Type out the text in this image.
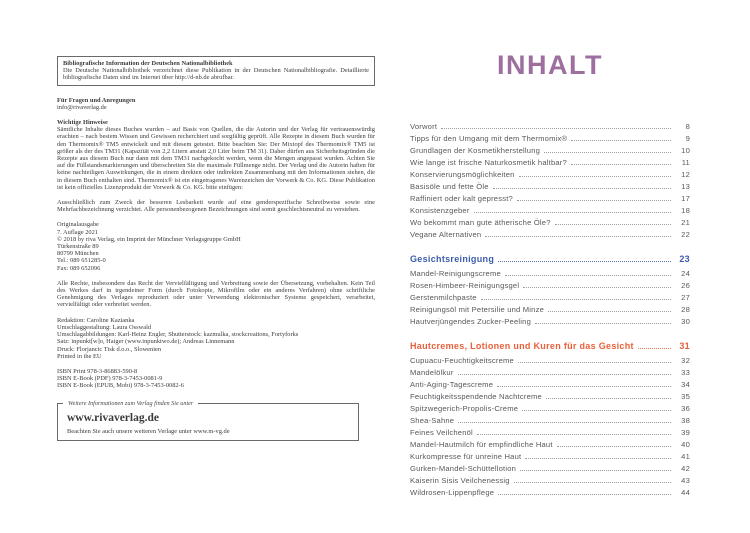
Bibliografische Information der Deutschen Nationalbibliothek
Die Deutsche Nationalbibliothek verzeichnet diese Publikation in der Deutschen Nationalbibliografie. Detaillierte bibliografische Daten sind im Internet über http://d-nb.de abrufbar.
Für Fragen und Anregungen
info@rivaverlag.de
Wichtige Hinweise

Sämtliche Inhalte dieses Buches wurden – auf Basis von Quellen, die die Autorin und der Verlag für vertrauenswürdig erachten – nach bestem Wissen und Gewissen recherchiert und sorgfältig geprüft. Alle Rezepte in diesem Buch wurden für den Thermomix® TM5 entwickelt und mit diesem getestet. Bitte beachten Sie: Der Mixtopf des Thermomix® TM5 ist größer als der des TM31 (Kapazität von 2,2 Litern anstatt 2,0 Liter beim TM 31). Daher dürfen aus Sicherheitsgründen die Rezepte aus diesem Buch nur dann mit dem TM31 nachgekocht werden, wenn die Mengen angepasst wurden. Achten Sie auf die Füllstandsmarkierungen und überschreiten Sie die maximale Füllmenge nicht. Der Verlag und die Autorin haften für keine nachteiligen Auswirkungen, die in einem direkten oder indirekten Zusammenhang mit den Informationen stehen, die in diesem Buch enthalten sind. Thermomix® ist ein eingetragenes Warenzeichen der Vorwerk & Co. KG. Diese Publikation ist kein offizielles Lizenzprodukt der Vorwerk & Co. KG. bitte einfügen:

Ausschließlich zum Zweck der besseren Lesbarkeit wurde auf eine genderspezifische Schreibweise sowie eine Mehrfachbezeichnung verzichtet. Alle personenbezogenen Bezeichnungen sind somit geschlechtsneutral zu verstehen.

Originalausgabe
7. Auflage 2021
© 2018 by riva Verlag, ein Imprint der Münchner Verlagsgruppe GmbH
Türkenstraße 89
80799 München
Tel.: 089 651285-0
Fax: 089 652096

Alle Rechte, insbesondere das Recht der Vervielfältigung und Verbreitung sowie der Übersetzung, vorbehalten. Kein Teil des Werkes darf in irgendeiner Form (durch Fotokopie, Mikrofilm oder ein anderes Verfahren) ohne schriftliche Genehmigung des Verlages reproduziert oder unter Verwendung elektronischer Systeme gespeichert, verarbeitet, vervielfältigt oder verbreitet werden.

Redaktion: Caroline Kazianka
Umschlaggestaltung: Laura Osswald
Umschlagabbildungen: Karl-Heinz Engler, Shutterstock: kazmulka, stockcreations, Fortyforks
Satz: inpunkt[w]o, Haiger (www.inpunktwo.de); Andreas Linnemann
Druck: Florjancic Tisk d.o.o., Slowenien
Printed in the EU
ISBN Print 978-3-86883-590-8
ISBN E-Book (PDF) 978-3-7453-0081-9
ISBN E-Book (EPUB, Mobi) 978-3-7453-0082-6
Weitere Informationen zum Verlag finden Sie unter
www.rivaverlag.de
Beachten Sie auch unsere weiteren Verlage unter www.m-vg.de
INHALT
Vorwort	8
Tipps für den Umgang mit dem Thermomix®	9
Grundlagen der Kosmetikherstellung	10
Wie lange ist frische Naturkosmetik haltbar?	11
Konservierungsmöglichkeiten	12
Basisöle und fette Öle	13
Raffiniert oder kalt gepresst?	17
Konsistenzgeber	18
Wo bekommt man gute ätherische Öle?	21
Vegane Alternativen	22
Gesichtsreinigung	23
Mandel-Reinigungscreme	24
Rosen-Himbeer-Reinigungsgel	26
Gerstenmilchpaste	27
Reinigungsöl mit Petersilie und Minze	28
Hautverjüngendes Zucker-Peeling	30
Hautcremes, Lotionen und Kuren für das Gesicht	31
Cupuacu-Feuchtigkeitscreme	32
Mandelölkur	33
Anti-Aging-Tagescreme	34
Feuchtigkeitsspendende Nachtcreme	35
Spitzwegerich-Propolis-Creme	36
Shea-Sahne	38
Feines Veilchenöl	39
Mandel-Hautmilch für empfindliche Haut	40
Kurkompresse für unreine Haut	41
Gurken-Mandel-Schüttellotion	42
Kaiserin Sisis Veilchenessig	43
Wildrosen-Lippenpflege	44
